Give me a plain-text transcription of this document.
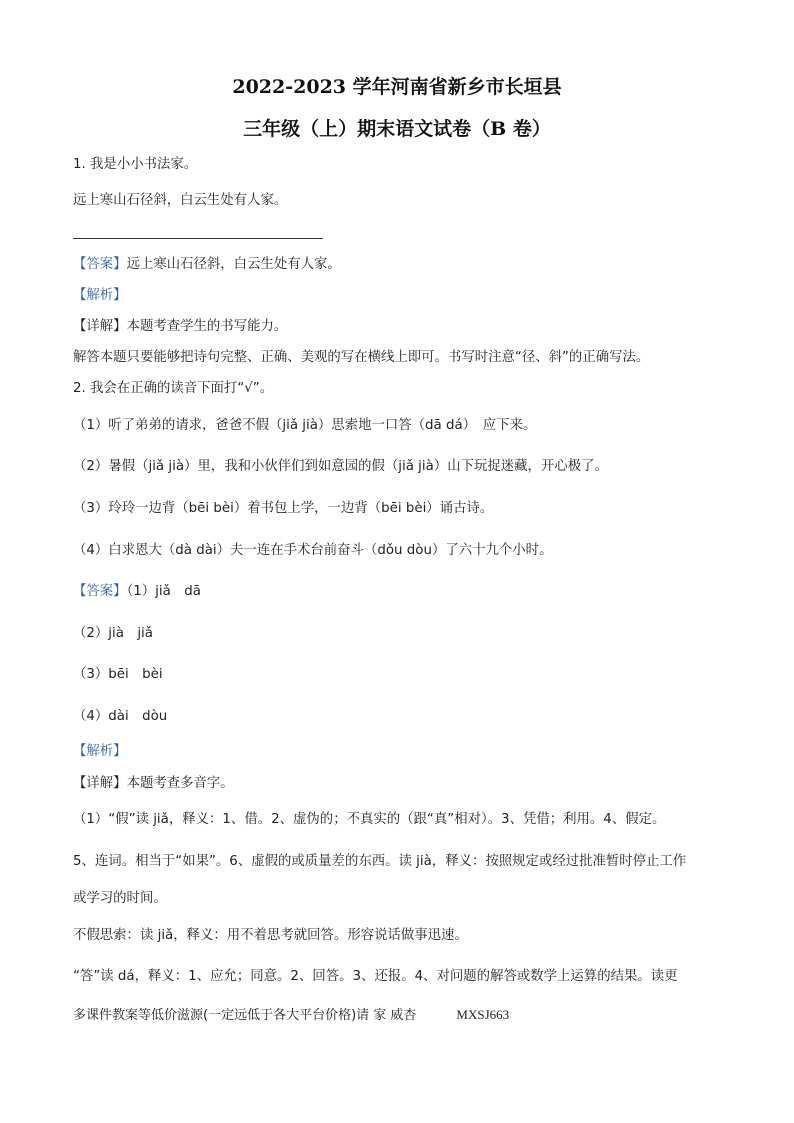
2022-2023 学年河南省新乡市长垣县
三年级（上）期末语文试卷（B 卷）
1. 我是小小书法家。
远上寒山石径斜，白云生处有人家。
【答案】远上寒山石径斜，白云生处有人家。
【解析】
【详解】本题考查学生的书写能力。
解答本题只要能够把诗句完整、正确、美观的写在横线上即可。书写时注意“径、斜”的正确写法。
2. 我会在正确的读音下面打“√”。
（1）听了弟弟的请求，爸爸不假（jiǎ jià）思索地一口答（dā dá）　应下来。
（2）暑假（jiǎ jià）里，我和小伙伴们到如意园的假（jiǎ jià）山下玩捉迷藏，开心极了。
（3）玲玲一边背（bēi bèi）着书包上学，一边背（bēi bèi）诵古诗。
（4）白求恩大（dà dài）夫一连在手术台前奋斗（dǒu dòu）了六十九个小时。
【答案】（1）jiǎ　dā
（2）jià　jiǎ
（3）bēi　bèi
（4）dài　dòu
【解析】
【详解】本题考查多音字。
（1）“假”读 jiǎ，释义：1、借。2、虚伪的；不真实的（跟“真”相对）。3、凭借；利用。4、假定。
5、连词。相当于“如果”。6、虚假的或质量差的东西。读 jià，释义：按照规定或经过批准暂时停止工作
或学习的时间。
不假思索：读 jiǎ，释义：用不着思考就回答。形容说话做事迅速。
“答”读 dá，释义：1、应允；同意。2、回答。3、还报。4、对问题的解答或数学上运算的结果。读更
多课件教案等低价滋源(一定远低于各大平台价格)请 家 威杏	MXSJ663
